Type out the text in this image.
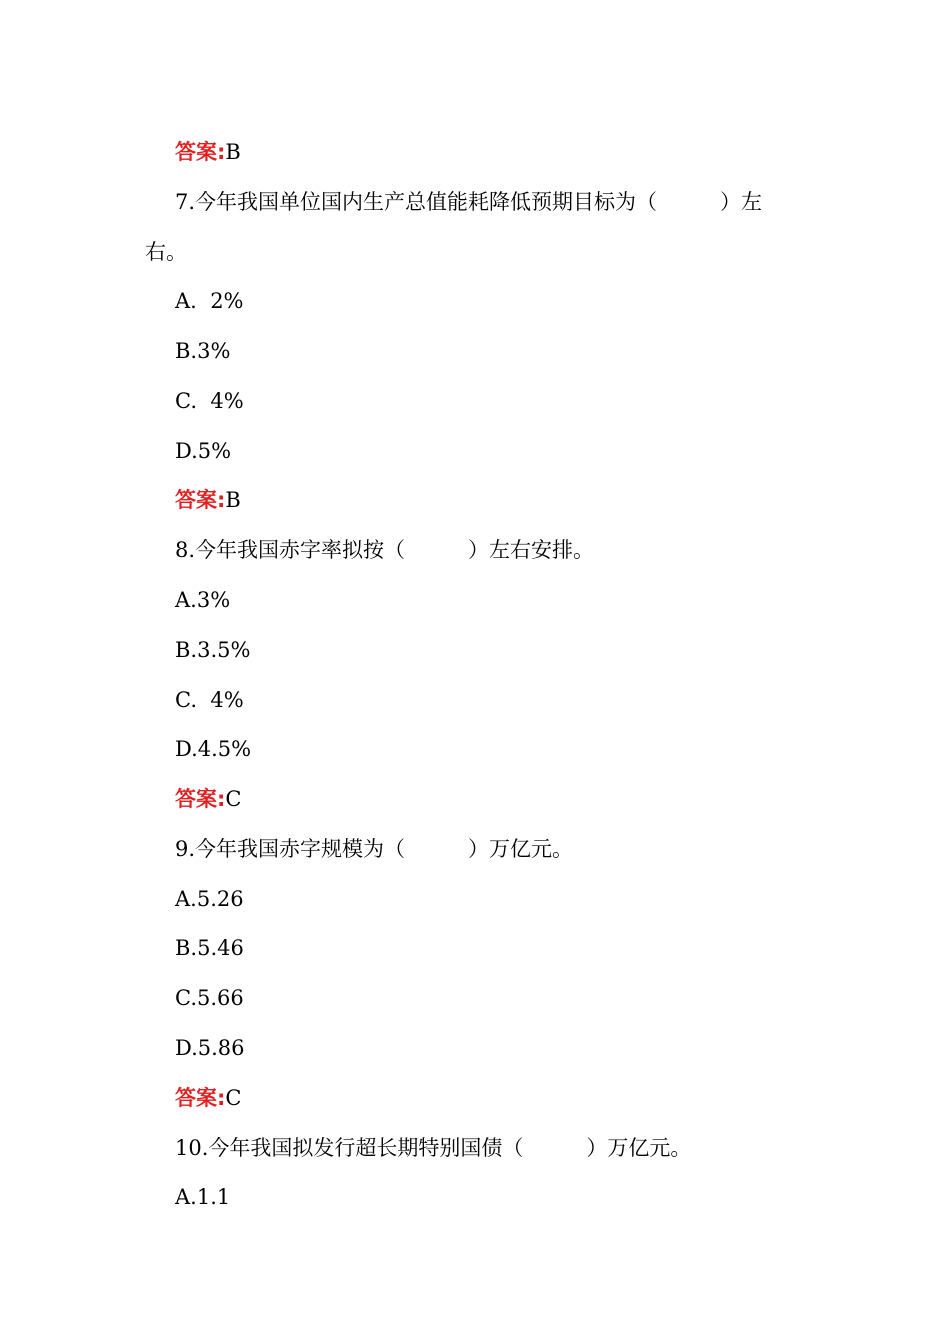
答案:B
7.今年我国单位国内生产总值能耗降低预期目标为（　　　）左
右。
A.  2%
B.3%
C.  4%
D.5%
答案:B
8.今年我国赤字率拟按（　　　）左右安排。
A.3%
B.3.5%
C.  4%
D.4.5%
答案:C
9.今年我国赤字规模为（　　　）万亿元。
A.5.26
B.5.46
C.5.66
D.5.86
答案:C
10.今年我国拟发行超长期特别国债（　　　）万亿元。
A.1.1
